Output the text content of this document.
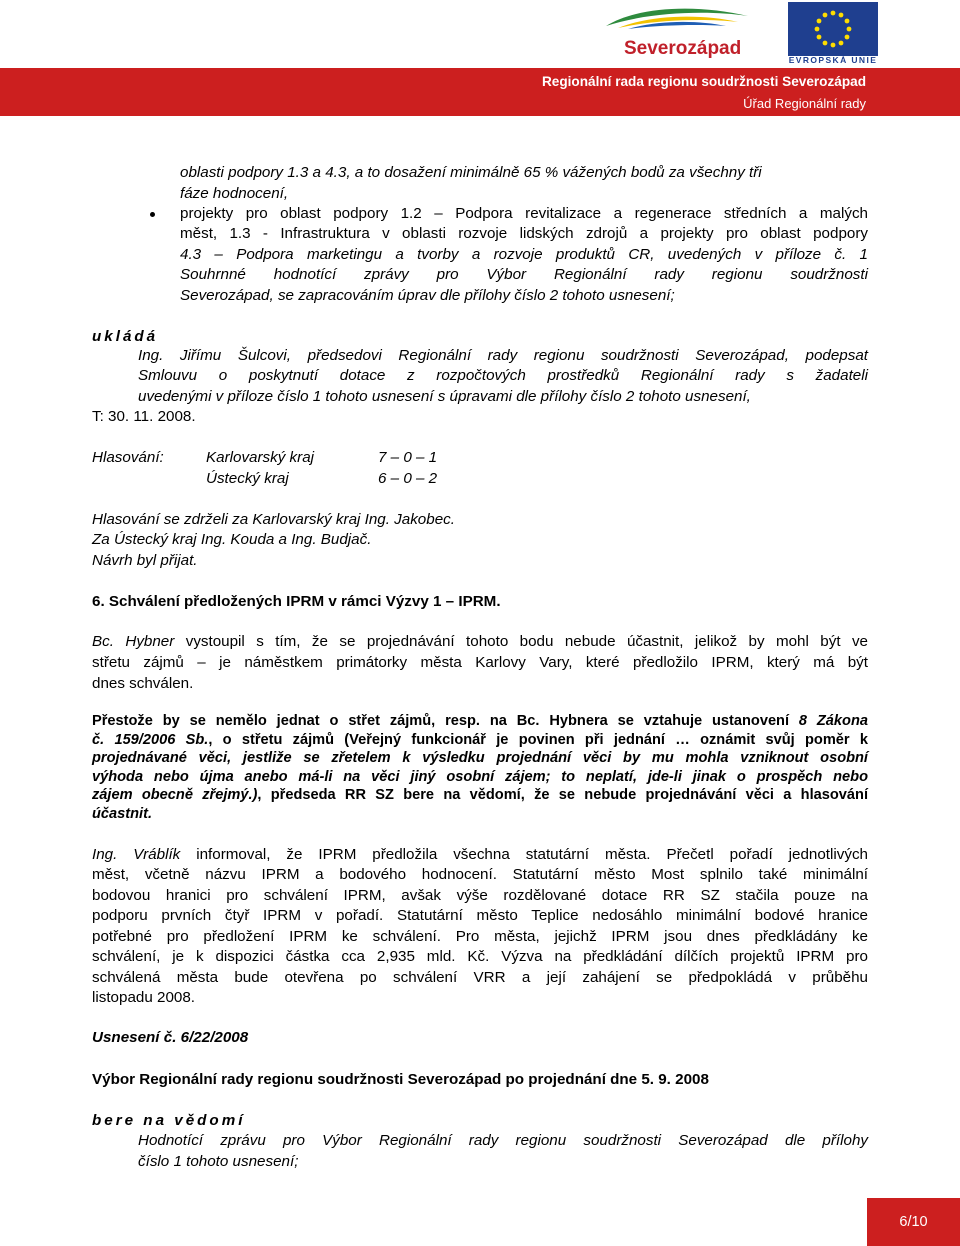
Severozápad
EVROPSKÁ UNIE
Regionální rada regionu soudržnosti Severozápad
Úřad Regionální rady

oblasti podpory 1.3 a 4.3, a to dosažení minimálně 65 % vážených bodů za všechny tři

fáze hodnocení,

projekty pro oblast podpory 1.2 – Podpora revitalizace a regenerace středních a malých

měst, 1.3 - Infrastruktura v oblasti rozvoje lidských zdrojů a projekty pro oblast podpory

4.3 – Podpora marketingu a tvorby a rozvoje produktů CR, uvedených v příloze č. 1

Souhrnné hodnotící zprávy pro Výbor Regionální rady regionu soudržnosti

Severozápad, se zapracováním úprav dle přílohy číslo 2 tohoto usnesení;

ukládá

Ing. Jiřímu Šulcovi, předsedovi Regionální rady regionu soudržnosti Severozápad, podepsat

Smlouvu o poskytnutí dotace z rozpočtových prostředků Regionální rady s žadateli

uvedenými v příloze číslo 1 tohoto usnesení s úpravami dle přílohy číslo 2 tohoto usnesení,

T: 30. 11. 2008.

Hlasování:	Karlovarský kraj	7 – 0 – 1

Ústecký kraj	6 – 0 – 2

Hlasování se zdrželi za Karlovarský kraj Ing. Jakobec.

Za Ústecký kraj Ing. Kouda a Ing. Budjač.

Návrh byl přijat.

6. Schválení předložených IPRM v rámci Výzvy 1 – IPRM.

Bc. Hybner vystoupil s tím, že se projednávání tohoto bodu nebude účastnit, jelikož by mohl být ve

střetu zájmů – je náměstkem primátorky města Karlovy Vary, které předložilo IPRM, který má být

dnes schválen.

Přestože by se nemělo jednat o střet zájmů, resp. na Bc. Hybnera se vztahuje ustanovení 8 Zákona

č. 159/2006 Sb., o střetu zájmů (Veřejný funkcionář je povinen při jednání … oznámit svůj poměr k

projednávané věci, jestliže se zřetelem k výsledku projednání věci by mu mohla vzniknout osobní

výhoda nebo újma anebo má-li na věci jiný osobní zájem; to neplatí, jde-li jinak o prospěch nebo

zájem obecně zřejmý.), předseda RR SZ bere na vědomí, že se nebude projednávání věci a hlasování

účastnit.

Ing. Vráblík informoval, že IPRM předložila všechna statutární města. Přečetl pořadí jednotlivých

měst, včetně názvu IPRM a bodového hodnocení. Statutární město Most splnilo také minimální

bodovou hranici pro schválení IPRM, avšak výše rozdělované dotace RR SZ stačila pouze na

podporu prvních čtyř IPRM v pořadí. Statutární město Teplice nedosáhlo minimální bodové hranice

potřebné pro předložení IPRM ke schválení. Pro města, jejichž IPRM jsou dnes předkládány ke

schválení, je k dispozici částka cca 2,935 mld. Kč. Výzva na předkládání dílčích projektů IPRM pro

schválená města bude otevřena po schválení VRR a její zahájení se předpokládá v průběhu

listopadu 2008.

Usnesení č. 6/22/2008

Výbor Regionální rady regionu soudržnosti Severozápad po projednání dne 5. 9. 2008

bere na vědomí

Hodnotící zprávu pro Výbor Regionální rady regionu soudržnosti Severozápad dle přílohy

číslo 1 tohoto usnesení;

6/10
